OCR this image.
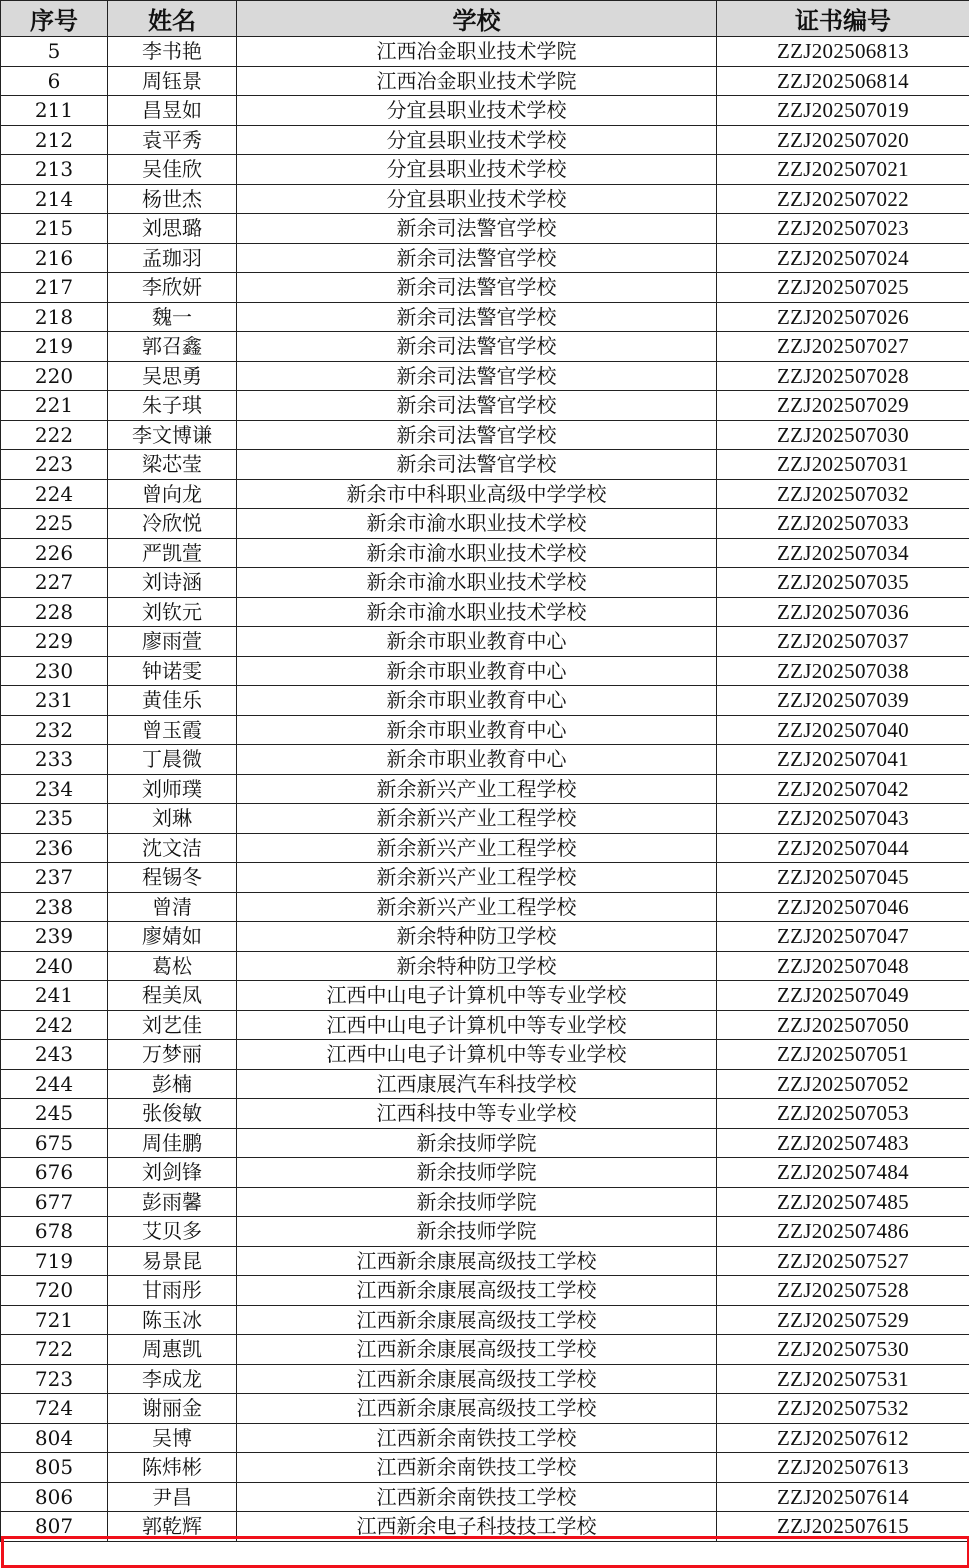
序号	姓名	学校	证书编号
5	李书艳	江西冶金职业技术学院	ZZJ202506813
6	周钰景	江西冶金职业技术学院	ZZJ202506814
211	昌昱如	分宜县职业技术学校	ZZJ202507019
212	袁平秀	分宜县职业技术学校	ZZJ202507020
213	吴佳欣	分宜县职业技术学校	ZZJ202507021
214	杨世杰	分宜县职业技术学校	ZZJ202507022
215	刘思璐	新余司法警官学校	ZZJ202507023
216	孟珈羽	新余司法警官学校	ZZJ202507024
217	李欣妍	新余司法警官学校	ZZJ202507025
218	魏一	新余司法警官学校	ZZJ202507026
219	郭召鑫	新余司法警官学校	ZZJ202507027
220	吴思勇	新余司法警官学校	ZZJ202507028
221	朱子琪	新余司法警官学校	ZZJ202507029
222	李文博谦	新余司法警官学校	ZZJ202507030
223	梁芯莹	新余司法警官学校	ZZJ202507031
224	曾向龙	新余市中科职业高级中学学校	ZZJ202507032
225	冷欣悦	新余市渝水职业技术学校	ZZJ202507033
226	严凯萱	新余市渝水职业技术学校	ZZJ202507034
227	刘诗涵	新余市渝水职业技术学校	ZZJ202507035
228	刘钦元	新余市渝水职业技术学校	ZZJ202507036
229	廖雨萱	新余市职业教育中心	ZZJ202507037
230	钟诺雯	新余市职业教育中心	ZZJ202507038
231	黄佳乐	新余市职业教育中心	ZZJ202507039
232	曾玉霞	新余市职业教育中心	ZZJ202507040
233	丁晨微	新余市职业教育中心	ZZJ202507041
234	刘师璞	新余新兴产业工程学校	ZZJ202507042
235	刘琳	新余新兴产业工程学校	ZZJ202507043
236	沈文洁	新余新兴产业工程学校	ZZJ202507044
237	程锡冬	新余新兴产业工程学校	ZZJ202507045
238	曾清	新余新兴产业工程学校	ZZJ202507046
239	廖婧如	新余特种防卫学校	ZZJ202507047
240	葛松	新余特种防卫学校	ZZJ202507048
241	程美凤	江西中山电子计算机中等专业学校	ZZJ202507049
242	刘艺佳	江西中山电子计算机中等专业学校	ZZJ202507050
243	万梦丽	江西中山电子计算机中等专业学校	ZZJ202507051
244	彭楠	江西康展汽车科技学校	ZZJ202507052
245	张俊敏	江西科技中等专业学校	ZZJ202507053
675	周佳鹏	新余技师学院	ZZJ202507483
676	刘剑锋	新余技师学院	ZZJ202507484
677	彭雨馨	新余技师学院	ZZJ202507485
678	艾贝多	新余技师学院	ZZJ202507486
719	易景昆	江西新余康展高级技工学校	ZZJ202507527
720	甘雨彤	江西新余康展高级技工学校	ZZJ202507528
721	陈玉冰	江西新余康展高级技工学校	ZZJ202507529
722	周惠凯	江西新余康展高级技工学校	ZZJ202507530
723	李成龙	江西新余康展高级技工学校	ZZJ202507531
724	谢丽金	江西新余康展高级技工学校	ZZJ202507532
804	吴博	江西新余南铁技工学校	ZZJ202507612
805	陈炜彬	江西新余南铁技工学校	ZZJ202507613
806	尹昌	江西新余南铁技工学校	ZZJ202507614
807	郭乾辉	江西新余电子科技技工学校	ZZJ202507615
